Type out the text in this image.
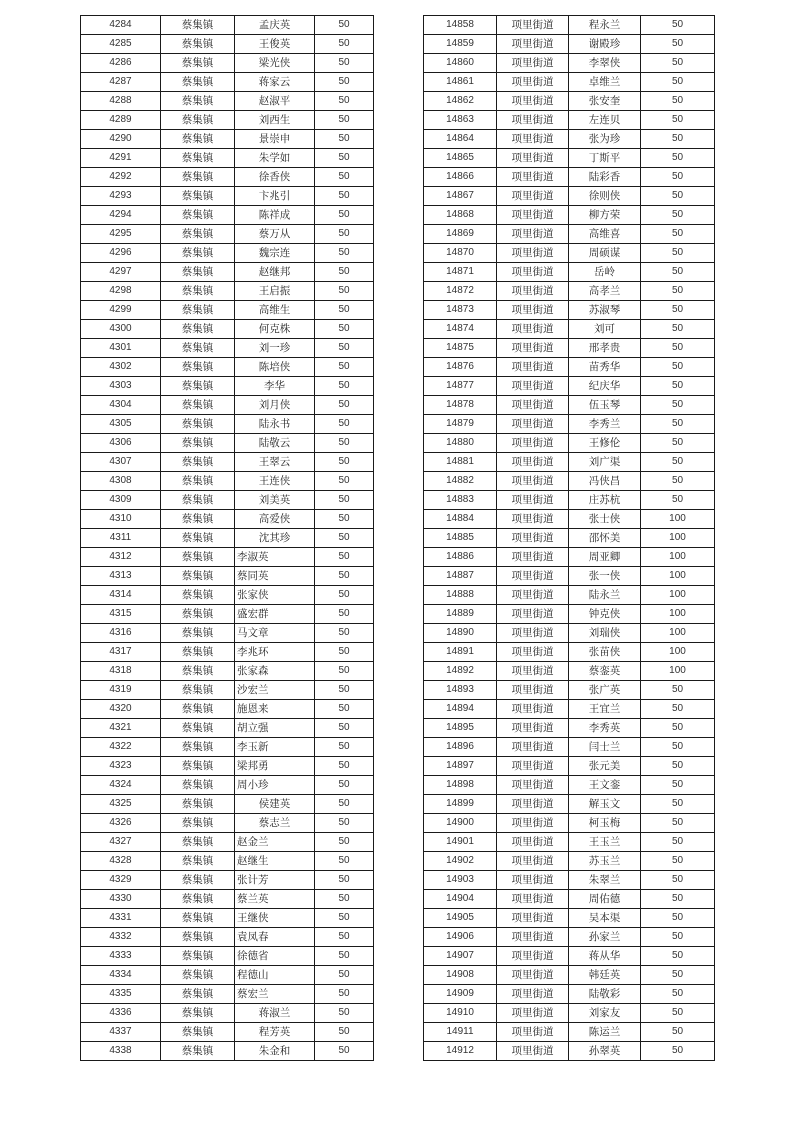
4284	蔡集镇	孟庆英	50
4285	蔡集镇	王俊英	50
4286	蔡集镇	梁光侠	50
4287	蔡集镇	蒋家云	50
4288	蔡集镇	赵淑平	50
4289	蔡集镇	刘西生	50
4290	蔡集镇	景崇申	50
4291	蔡集镇	朱学如	50
4292	蔡集镇	徐香侠	50
4293	蔡集镇	卞兆引	50
4294	蔡集镇	陈祥成	50
4295	蔡集镇	蔡万从	50
4296	蔡集镇	魏宗连	50
4297	蔡集镇	赵继邦	50
4298	蔡集镇	王启振	50
4299	蔡集镇	高维生	50
4300	蔡集镇	何克株	50
4301	蔡集镇	刘一珍	50
4302	蔡集镇	陈培侠	50
4303	蔡集镇	李华	50
4304	蔡集镇	刘月侠	50
4305	蔡集镇	陆永书	50
4306	蔡集镇	陆敬云	50
4307	蔡集镇	王翠云	50
4308	蔡集镇	王连侠	50
4309	蔡集镇	刘美英	50
4310	蔡集镇	高爱侠	50
4311	蔡集镇	沈其珍	50
4312	蔡集镇	李淑英	50
4313	蔡集镇	蔡同英	50
4314	蔡集镇	张家侠	50
4315	蔡集镇	盛宏群	50
4316	蔡集镇	马文章	50
4317	蔡集镇	李兆环	50
4318	蔡集镇	张家森	50
4319	蔡集镇	沙宏兰	50
4320	蔡集镇	施恩来	50
4321	蔡集镇	胡立强	50
4322	蔡集镇	李玉新	50
4323	蔡集镇	梁邦勇	50
4324	蔡集镇	周小珍	50
4325	蔡集镇	侯建英	50
4326	蔡集镇	蔡志兰	50
4327	蔡集镇	赵金兰	50
4328	蔡集镇	赵继生	50
4329	蔡集镇	张计芳	50
4330	蔡集镇	蔡兰英	50
4331	蔡集镇	王继侠	50
4332	蔡集镇	袁凤春	50
4333	蔡集镇	徐德省	50
4334	蔡集镇	程德山	50
4335	蔡集镇	蔡宏兰	50
4336	蔡集镇	蒋淑兰	50
4337	蔡集镇	程芳英	50
4338	蔡集镇	朱金和	50
14858	项里街道	程永兰	50
14859	项里街道	谢殿珍	50
14860	项里街道	李翠侠	50
14861	项里街道	卓维兰	50
14862	项里街道	张安奎	50
14863	项里街道	左连贝	50
14864	项里街道	张为珍	50
14865	项里街道	丁斯平	50
14866	项里街道	陆彩香	50
14867	项里街道	徐则侠	50
14868	项里街道	柳方荣	50
14869	项里街道	高维喜	50
14870	项里街道	周硕谋	50
14871	项里街道	岳岭	50
14872	项里街道	高孝兰	50
14873	项里街道	苏淑琴	50
14874	项里街道	刘可	50
14875	项里街道	邢孝贵	50
14876	项里街道	苗秀华	50
14877	项里街道	纪庆华	50
14878	项里街道	伍玉琴	50
14879	项里街道	李秀兰	50
14880	项里街道	王修伦	50
14881	项里街道	刘广渠	50
14882	项里街道	冯侠昌	50
14883	项里街道	庄苏杭	50
14884	项里街道	张士侠	100
14885	项里街道	邵怀美	100
14886	项里街道	周亚卿	100
14887	项里街道	张一侠	100
14888	项里街道	陆永兰	100
14889	项里街道	钟克侠	100
14890	项里街道	刘瑞侠	100
14891	项里街道	张苗侠	100
14892	项里街道	蔡銮英	100
14893	项里街道	张广英	50
14894	项里街道	王宜兰	50
14895	项里街道	李秀英	50
14896	项里街道	闫士兰	50
14897	项里街道	张元美	50
14898	项里街道	王文銮	50
14899	项里街道	解玉文	50
14900	项里街道	柯玉梅	50
14901	项里街道	王玉兰	50
14902	项里街道	苏玉兰	50
14903	项里街道	朱翠兰	50
14904	项里街道	周佑德	50
14905	项里街道	吴本渠	50
14906	项里街道	孙家兰	50
14907	项里街道	蒋从华	50
14908	项里街道	韩廷英	50
14909	项里街道	陆敬彩	50
14910	项里街道	刘家友	50
14911	项里街道	陈运兰	50
14912	项里街道	孙翠英	50
